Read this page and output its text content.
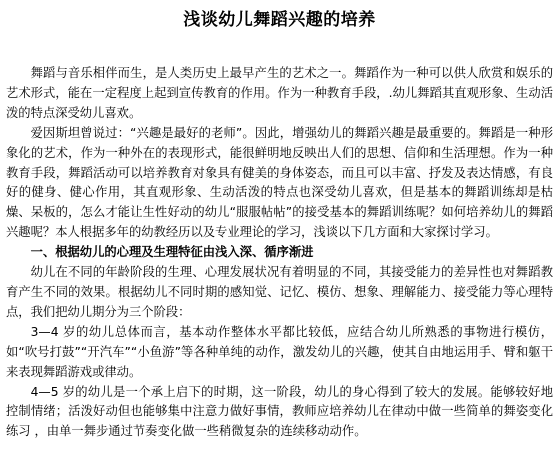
浅谈幼儿舞蹈兴趣的培养

舞蹈与音乐相伴而生，是人类历史上最早产生的艺术之一。舞蹈作为一种可以供人欣赏和娱乐的艺术形式，能在一定程度上起到宣传教育的作用。作为一种教育手段，.幼儿舞蹈其直观形象、生动活泼的特点深受幼儿喜欢。

爱因斯坦曾说过：“兴趣是最好的老师”。因此，增强幼儿的舞蹈兴趣是最重要的。舞蹈是一种形象化的艺术，作为一种外在的表现形式，能很鲜明地反映出人们的思想、信仰和生活理想。作为一种教育手段，舞蹈活动可以培养教育对象具有健美的身体姿态，而且可以丰富、抒发及表达情感，有良好的健身、健心作用，其直观形象、生动活泼的特点也深受幼儿喜欢，但是基本的舞蹈训练却是枯燥、呆板的，怎么才能让生性好动的幼儿“服服帖帖”的接受基本的舞蹈训练呢？如何培养幼儿的舞蹈兴趣呢？本人根据多年的幼教经历以及专业理论的学习，浅谈以下几方面和大家探讨学习。

一、根据幼儿的心理及生理特征由浅入深、循序渐进

幼儿在不同的年龄阶段的生理、心理发展状况有着明显的不同，其接受能力的差异性也对舞蹈教育产生不同的效果。根据幼儿不同时期的感知觉、记忆、模仿、想象、理解能力、接受能力等心理特点，我们把幼儿期分为三个阶段：

3—4 岁的幼儿总体而言，基本动作整体水平都比较低，应结合幼儿所熟悉的事物进行模仿，如“吹号打鼓”“开汽车”“小鱼游”等各种单纯的动作，激发幼儿的兴趣，使其自由地运用手、臂和躯干来表现舞蹈游戏或律动。

4—5 岁的幼儿是一个承上启下的时期，这一阶段，幼儿的身心得到了较大的发展。能够较好地控制情绪；活泼好动但也能够集中注意力做好事情，教师应培养幼儿在律动中做一些简单的舞姿变化练习 ，由单一舞步通过节奏变化做一些稍微复杂的连续移动动作。
